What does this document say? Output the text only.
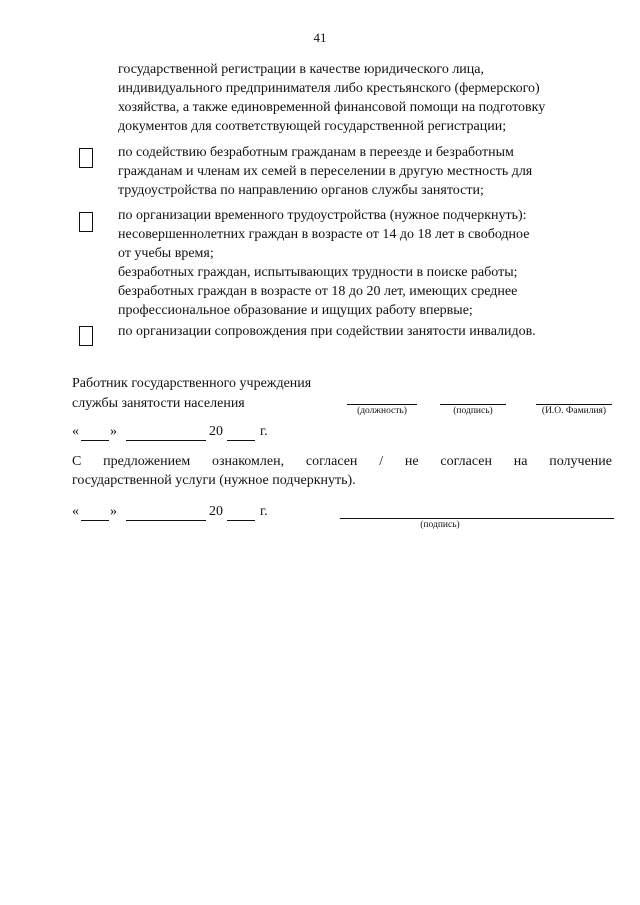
41
государственной регистрации в качестве юридического лица,
индивидуального предпринимателя либо крестьянского (фермерского)
хозяйства, а также единовременной финансовой помощи на подготовку
документов для соответствующей государственной регистрации;
по содействию безработным гражданам в переезде и безработным
гражданам и членам их семей в переселении в другую местность для
трудоустройства по направлению органов службы занятости;
по организации временного трудоустройства (нужное подчеркнуть):
несовершеннолетних граждан в возрасте от 14 до 18 лет в свободное
от учебы время;
безработных граждан, испытывающих трудности в поиске работы;
безработных граждан в возрасте от 18 до 20 лет, имеющих среднее
профессиональное образование и ищущих работу впервые;
по организации сопровождения при содействии занятости инвалидов.
Работник государственного учреждения
службы занятости населения	(должность)	(подпись)	(И.О. Фамилия)
« »	20	г.
С предложением ознакомлен, согласен / не согласен на получение
государственной услуги (нужное подчеркнуть).
« »	20	г.
(подпись)
